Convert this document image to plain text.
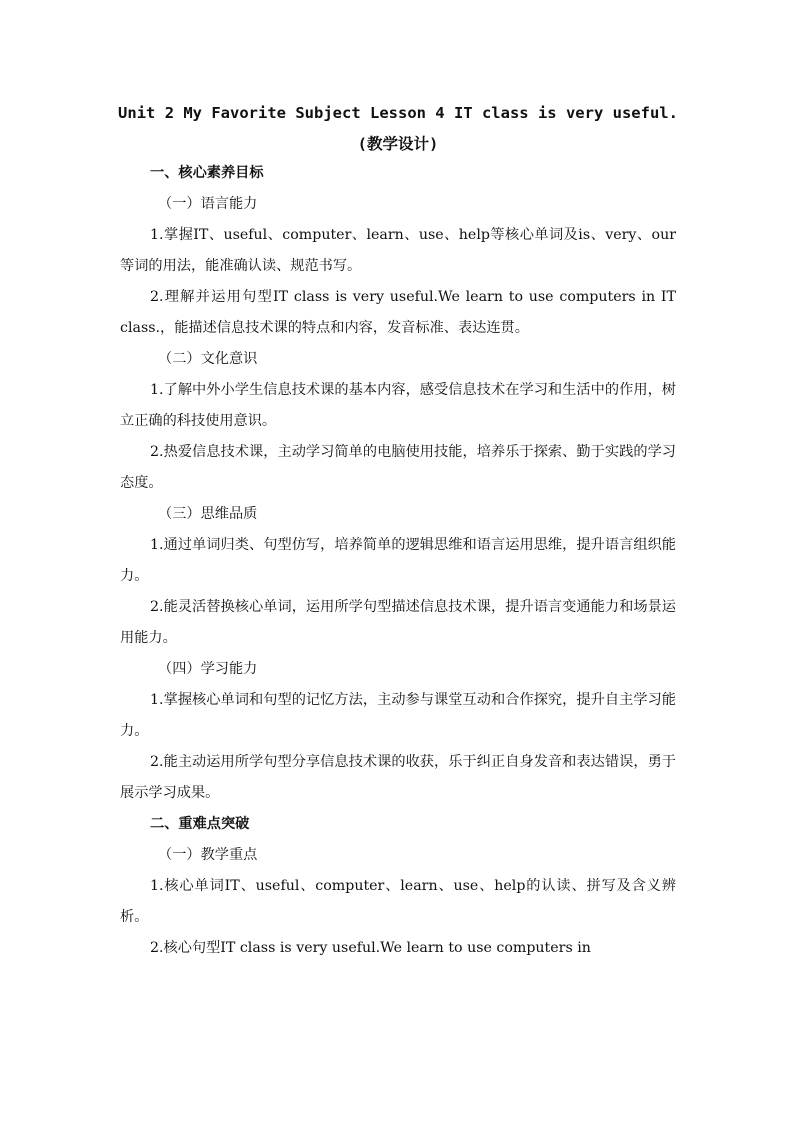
Unit 2 My Favorite Subject Lesson 4 IT class is very useful. (教学设计)

一、核心素养目标

（一）语言能力

1.掌握IT、useful、computer、learn、use、help等核心单词及is、very、our等词的用法，能准确认读、规范书写。

2.理解并运用句型IT class is very useful.We learn to use computers in IT class.，能描述信息技术课的特点和内容，发音标准、表达连贯。

（二）文化意识

1.了解中外小学生信息技术课的基本内容，感受信息技术在学习和生活中的作用，树立正确的科技使用意识。

2.热爱信息技术课，主动学习简单的电脑使用技能，培养乐于探索、勤于实践的学习态度。

（三）思维品质

1.通过单词归类、句型仿写，培养简单的逻辑思维和语言运用思维，提升语言组织能力。

2.能灵活替换核心单词，运用所学句型描述信息技术课，提升语言变通能力和场景运用能力。

（四）学习能力

1.掌握核心单词和句型的记忆方法，主动参与课堂互动和合作探究，提升自主学习能力。

2.能主动运用所学句型分享信息技术课的收获，乐于纠正自身发音和表达错误，勇于展示学习成果。

二、重难点突破

（一）教学重点

1.核心单词IT、useful、computer、learn、use、help的认读、拼写及含义辨析。

2.核心句型IT class is very useful.We learn to use computers in
